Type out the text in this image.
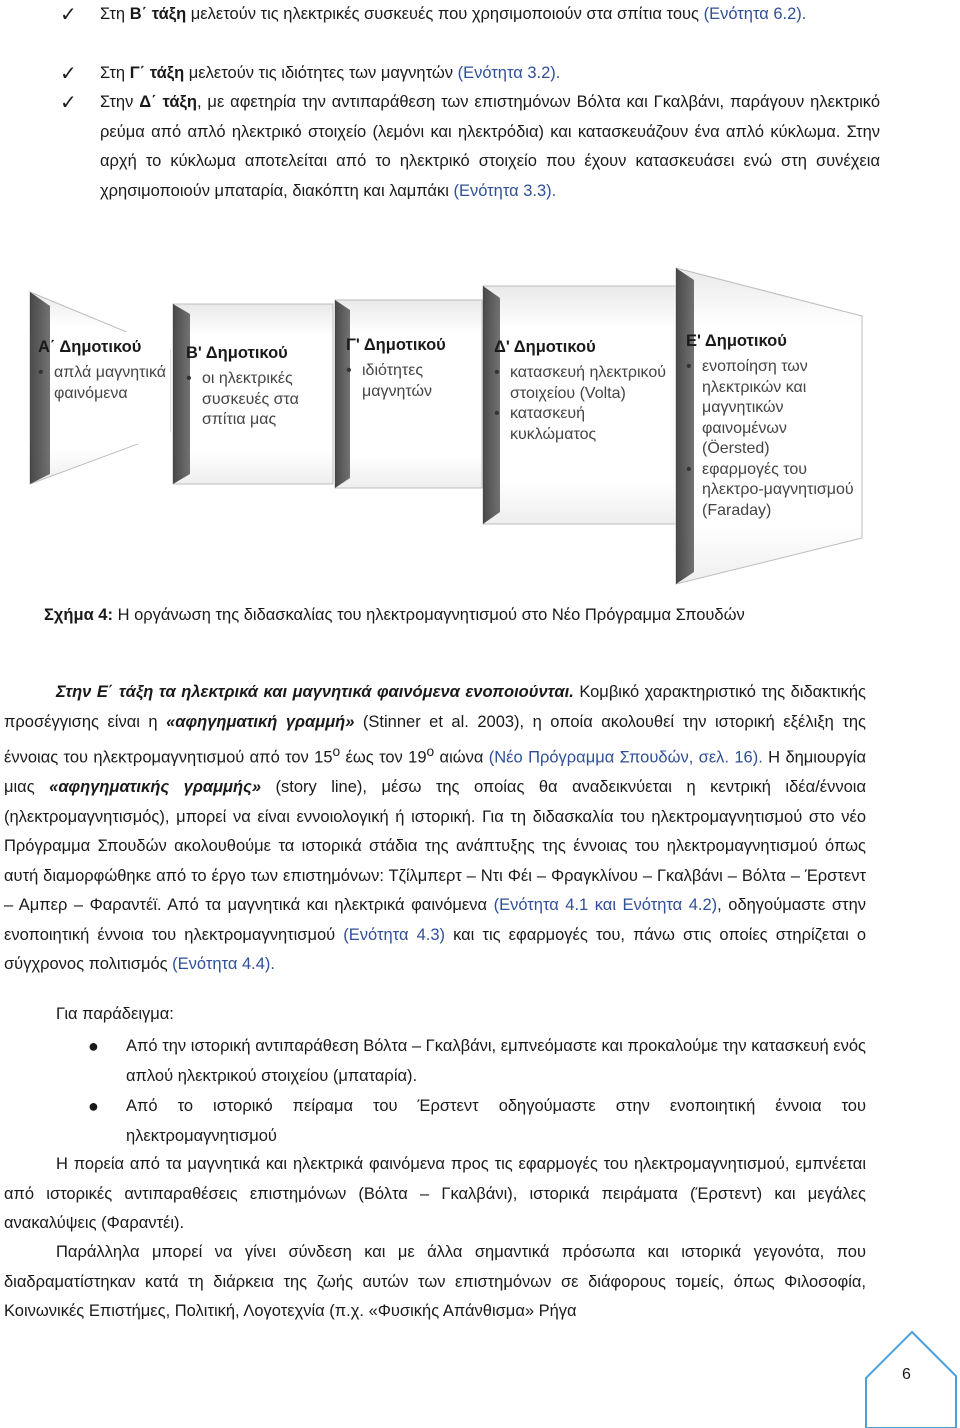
✓ Στη Β΄ τάξη μελετούν τις ηλεκτρικές συσκευές που χρησιμοποιούν στα σπίτια τους (Ενότητα 6.2).
✓ Στη Γ΄ τάξη μελετούν τις ιδιότητες των μαγνητών (Ενότητα 3.2).
✓ Στην Δ΄ τάξη, με αφετηρία την αντιπαράθεση των επιστημόνων Βόλτα και Γκαλβάνι, παράγουν ηλεκτρικό ρεύμα από απλό ηλεκτρικό στοιχείο (λεμόνι και ηλεκτρόδια) και κατασκευάζουν ένα απλό κύκλωμα. Στην αρχή το κύκλωμα αποτελείται από το ηλεκτρικό στοιχείο που έχουν κατασκευάσει ενώ στη συνέχεια χρησιμοποιούν μπαταρία, διακόπτη και λαμπάκι (Ενότητα 3.3).
Α΄ Δημοτικού
• απλά μαγνητικά φαινόμενα
Β' Δημοτικού
• οι ηλεκτρικές συσκευές στα σπίτια μας
Γ' Δημοτικού
• ιδιότητες μαγνητών
Δ' Δημοτικού
• κατασκευή ηλεκτρικού στοιχείου (Volta)
• κατασκευή κυκλώματος
Ε' Δημοτικού
• ενοποίηση των ηλεκτρικών και μαγνητικών φαινομένων (Öersted)
• εφαρμογές του ηλεκτρο-μαγνητισμού (Faraday)
Σχήμα 4: Η οργάνωση της διδασκαλίας του ηλεκτρομαγνητισμού στο Νέο Πρόγραμμα Σπουδών

Στην Ε΄ τάξη τα ηλεκτρικά και μαγνητικά φαινόμενα ενοποιούνται. Κομβικό χαρακτηριστικό της διδακτικής προσέγγισης είναι η «αφηγηματική γραμμή» (Stinner et al. 2003), η οποία ακολουθεί την ιστορική εξέλιξη της έννοιας του ηλεκτρομαγνητισμού από τον $15^o$ έως τον $19^o$ αιώνα (Νέο Πρόγραμμα Σπουδών, σελ. 16). Η δημιουργία μιας «αφηγηματικής γραμμής» (story line), μέσω της οποίας θα αναδεικνύεται η κεντρική ιδέα/έννοια (ηλεκτρομαγνητισμός), μπορεί να είναι εννοιολογική ή ιστορική. Για τη διδασκαλία του ηλεκτρομαγνητισμού στο νέο Πρόγραμμα Σπουδών ακολουθούμε τα ιστορικά στάδια της ανάπτυξης της έννοιας του ηλεκτρομαγνητισμού όπως αυτή διαμορφώθηκε από το έργο των επιστημόνων: Τζίλμπερτ – Ντι Φέι – Φραγκλίνου – Γκαλβάνι – Βόλτα – Έρστεντ – Αμπερ – Φαραντέϊ. Από τα μαγνητικά και ηλεκτρικά φαινόμενα (Ενότητα 4.1 και Ενότητα 4.2), οδηγούμαστε στην ενοποιητική έννοια του ηλεκτρομαγνητισμού (Ενότητα 4.3) και τις εφαρμογές του, πάνω στις οποίες στηρίζεται ο σύγχρονος πολιτισμός (Ενότητα 4.4).

Για παράδειγμα:

● Από την ιστορική αντιπαράθεση Βόλτα – Γκαλβάνι, εμπνεόμαστε και προκαλούμε την κατασκευή ενός απλού ηλεκτρικού στοιχείου (μπαταρία).
● Από το ιστορικό πείραμα του Έρστεντ οδηγούμαστε στην ενοποιητική έννοια του ηλεκτρομαγνητισμού

Η πορεία από τα μαγνητικά και ηλεκτρικά φαινόμενα προς τις εφαρμογές του ηλεκτρομαγνητισμού, εμπνέεται από ιστορικές αντιπαραθέσεις επιστημόνων (Βόλτα – Γκαλβάνι), ιστορικά πειράματα (Έρστεντ) και μεγάλες ανακαλύψεις (Φαραντέι).

Παράλληλα μπορεί να γίνει σύνδεση και με άλλα σημαντικά πρόσωπα και ιστορικά γεγονότα, που διαδραματίστηκαν κατά τη διάρκεια της ζωής αυτών των επιστημόνων σε διάφορους τομείς, όπως Φιλοσοφία, Κοινωνικές Επιστήμες, Πολιτική, Λογοτεχνία (π.χ. «Φυσικής Απάνθισμα» Ρήγα

6
